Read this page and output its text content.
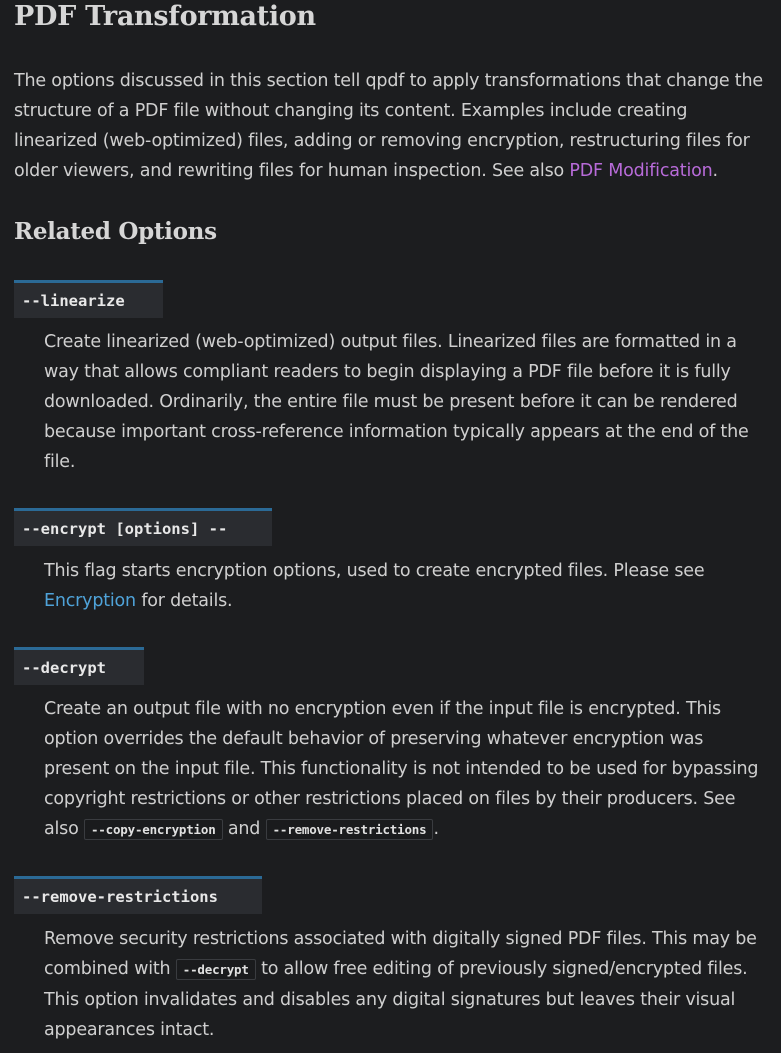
PDF Transformation

The options discussed in this section tell qpdf to apply transformations that change the structure of a PDF file without changing its content. Examples include creating linearized (web-optimized) files, adding or removing encryption, restructuring files for older viewers, and rewriting files for human inspection. See also PDF Modification.

Related Options
--linearize

Create linearized (web-optimized) output files. Linearized files are formatted in a way that allows compliant readers to begin displaying a PDF file before it is fully downloaded. Ordinarily, the entire file must be present before it can be rendered because important cross-reference information typically appears at the end of the file.

--encrypt [options] --

This flag starts encryption options, used to create encrypted files. Please see Encryption for details.

--decrypt

Create an output file with no encryption even if the input file is encrypted. This option overrides the default behavior of preserving whatever encryption was present on the input file. This functionality is not intended to be used for bypassing copyright restrictions or other restrictions placed on files by their producers. See also --copy-encryption and --remove-restrictions .

--remove-restrictions

Remove security restrictions associated with digitally signed PDF files. This may be combined with --decrypt to allow free editing of previously signed/encrypted files. This option invalidates and disables any digital signatures but leaves their visual appearances intact.
